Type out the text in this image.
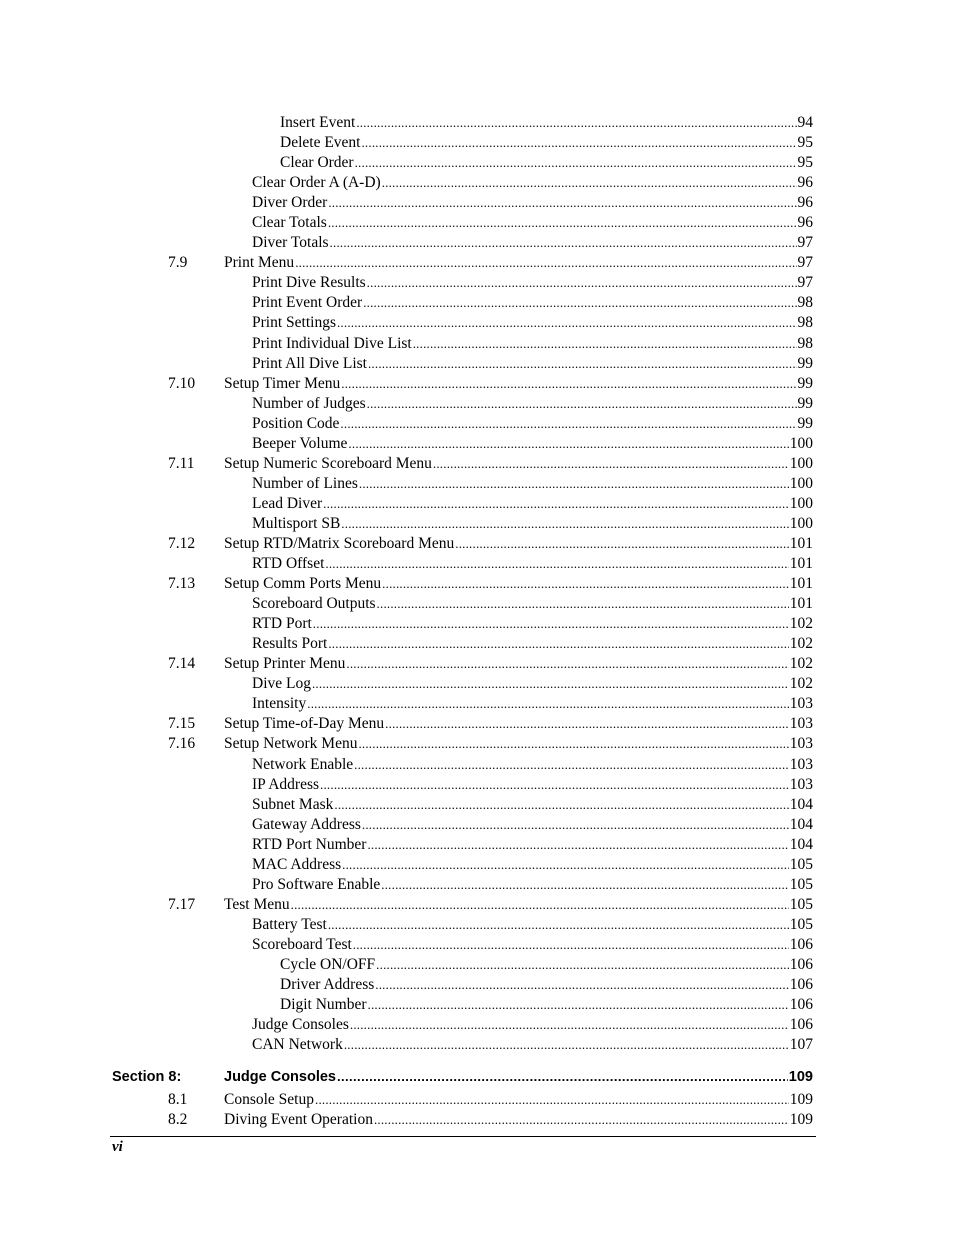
Insert Event .....	94
Delete Event .....	95
Clear Order .....	95
Clear Order A (A-D) .....	96
Diver Order .....	96
Clear Totals .....	96
Diver Totals .....	97
7.9 Print Menu .....	97
Print Dive Results .....	97
Print Event Order .....	98
Print Settings .....	98
Print Individual Dive List .....	98
Print All Dive List .....	99
7.10 Setup Timer Menu .....	99
Number of Judges .....	99
Position Code .....	99
Beeper Volume .....	100
7.11 Setup Numeric Scoreboard Menu .....	100
Number of Lines .....	100
Lead Diver .....	100
Multisport SB .....	100
7.12 Setup RTD/Matrix Scoreboard Menu .....	101
RTD Offset .....	101
7.13 Setup Comm Ports Menu .....	101
Scoreboard Outputs .....	101
RTD Port .....	102
Results Port .....	102
7.14 Setup Printer Menu .....	102
Dive Log .....	102
Intensity .....	103
7.15 Setup Time-of-Day Menu .....	103
7.16 Setup Network Menu .....	103
Network Enable .....	103
IP Address .....	103
Subnet Mask .....	104
Gateway Address .....	104
RTD Port Number .....	104
MAC Address .....	105
Pro Software Enable .....	105
7.17 Test Menu .....	105
Battery Test .....	105
Scoreboard Test .....	106
Cycle ON/OFF .....	106
Driver Address .....	106
Digit Number .....	106
Judge Consoles .....	106
CAN Network .....	107
Section 8:	Judge Consoles .....	109
8.1 Console Setup .....	109
8.2 Diving Event Operation .....	109
vi
